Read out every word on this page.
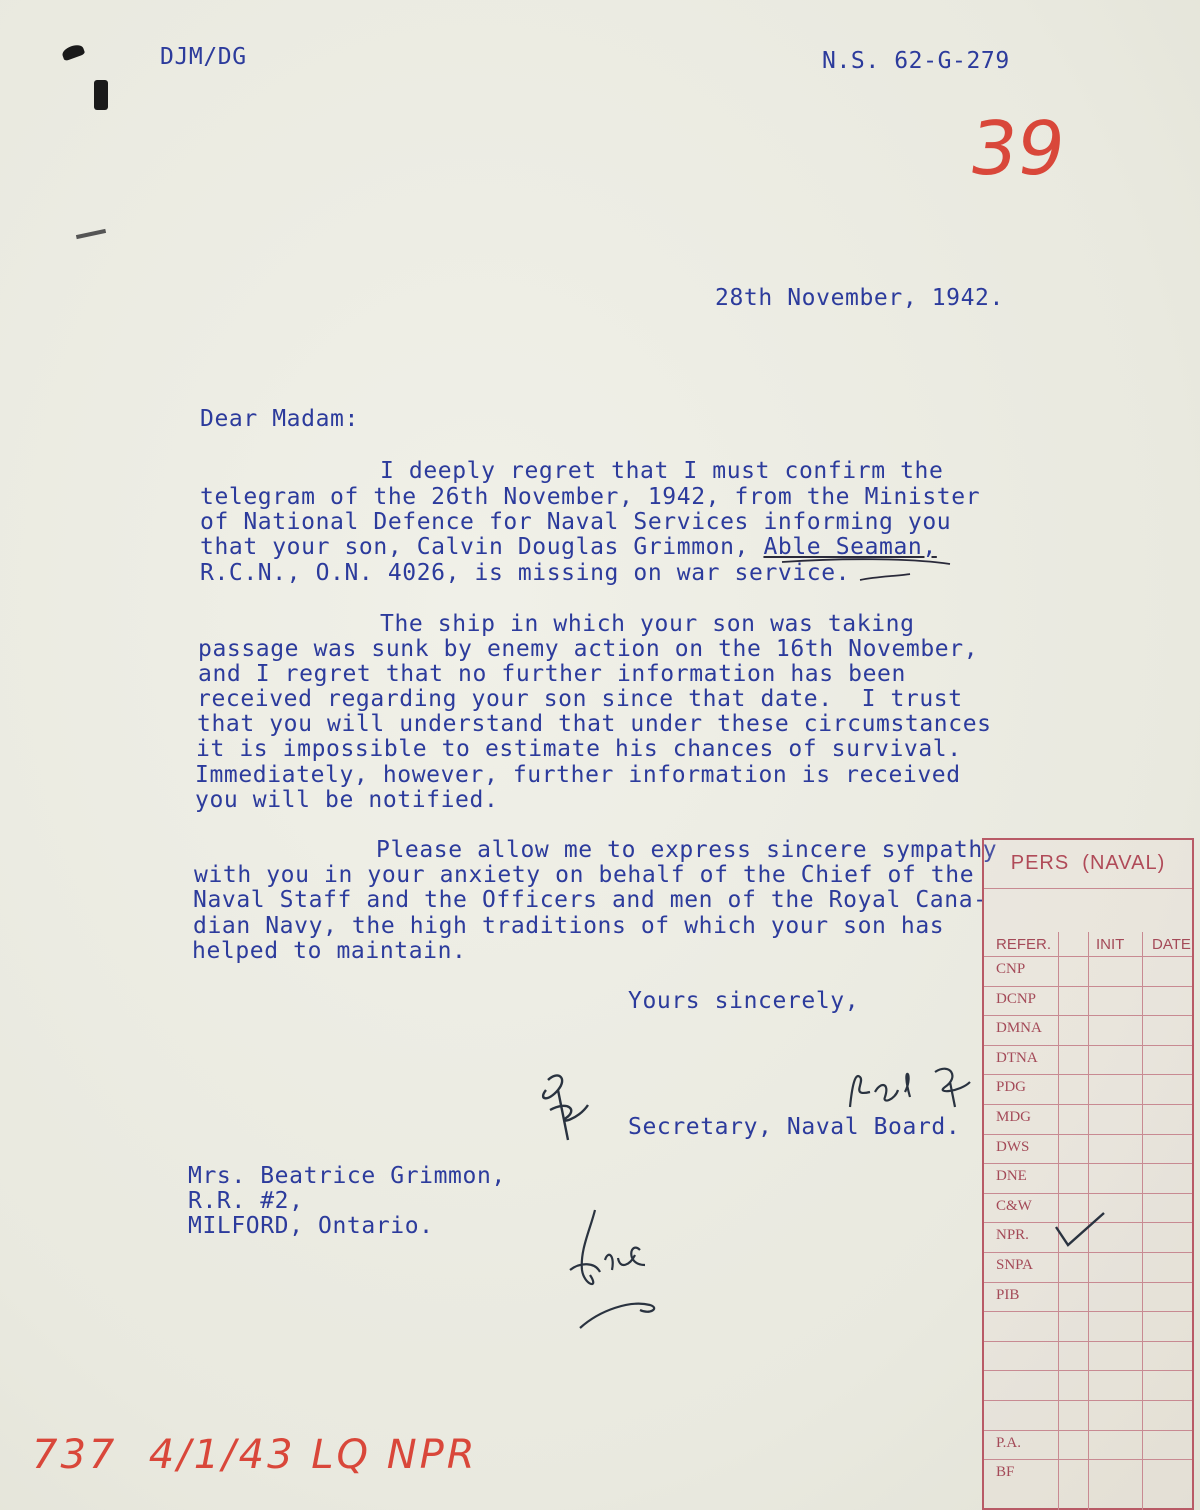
DJM/DG	N.S. 62-G-279
39
28th November, 1942.
Dear Madam:
I deeply regret that I must confirm the
telegram of the 26th November, 1942, from the Minister
of National Defence for Naval Services informing you
that your son, Calvin Douglas Grimmon, Able Seaman,
R.C.N., O.N. 4026, is missing on war service.
The ship in which your son was taking
passage was sunk by enemy action on the 16th November,
and I regret that no further information has been
received regarding your son since that date.  I trust
that you will understand that under these circumstances
it is impossible to estimate his chances of survival.
Immediately, however, further information is received
you will be notified.
Please allow me to express sincere sympathy
with you in your anxiety on behalf of the Chief of the
Naval Staff and the Officers and men of the Royal Cana-
dian Navy, the high traditions of which your son has
helped to maintain.
Yours sincerely,
Secretary, Naval Board.
Mrs. Beatrice Grimmon,
R.R. #2,
MILFORD, Ontario.
737  4/1/43 LQ NPR
PERS  (NAVAL)
REFER.	INIT DATE
CNP
DCNP
DMNA
DTNA
PDG
MDG
DWS
DNE
C&W
NPR.
SNPA
PIB
P.A.
BF
